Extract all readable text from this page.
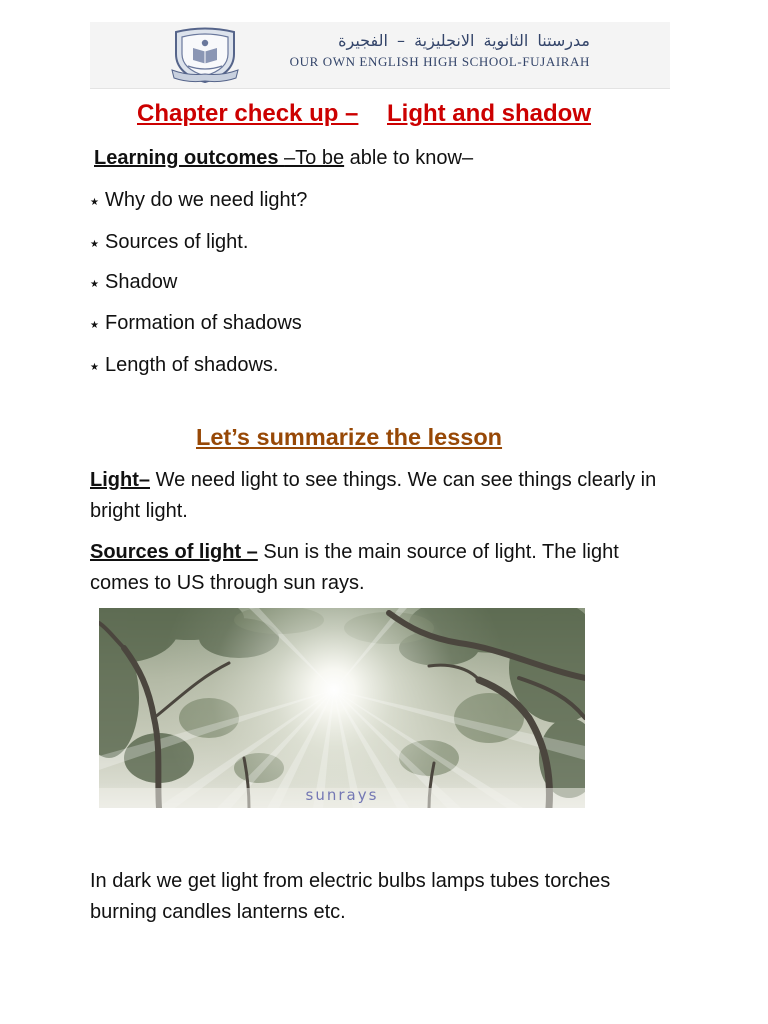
مدرستنا الثانوية الانجليزية – الفجيرة
OUR OWN ENGLISH HIGH SCHOOL-FUJAIRAH
Chapter check up – Light and shadow
Learning outcomes –To be able to know–
★Why do we need light?
★Sources of light.
★Shadow
★Formation of shadows
★Length of shadows.
Let’s summarize the lesson
Light– We need light to see things. We can see things clearly in
bright light.
Sources of light – Sun is the main source of light. The light
comes to US through sun rays.
sunrays
In dark we get light from electric bulbs lamps tubes torches
burning candles lanterns etc.
